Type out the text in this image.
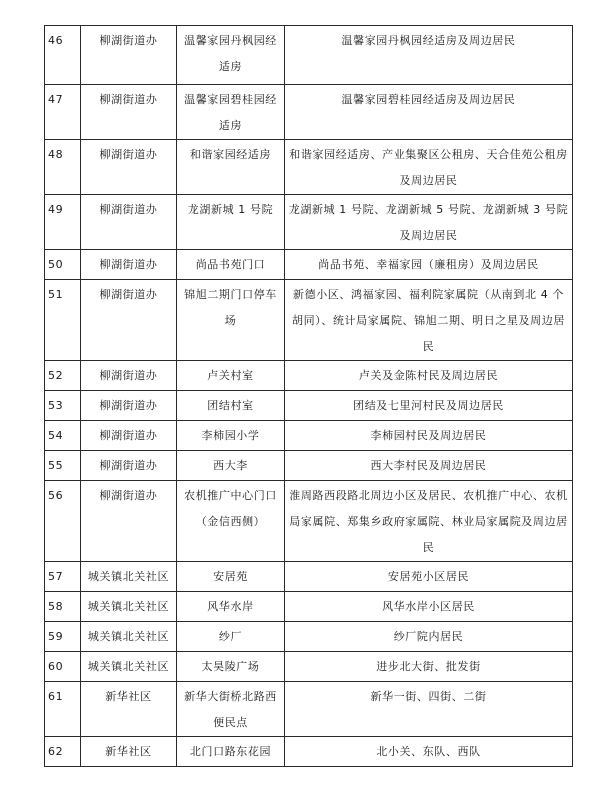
46	柳湖街道办	温馨家园丹枫园经适房	温馨家园丹枫园经适房及周边居民
47	柳湖街道办	温馨家园碧桂园经适房	温馨家园碧桂园经适房及周边居民
48	柳湖街道办	和谐家园经适房	和谐家园经适房、产业集聚区公租房、天合佳苑公租房及周边居民
49	柳湖街道办	龙湖新城 1 号院	龙湖新城 1 号院、龙湖新城 5 号院、龙湖新城 3 号院及周边居民
50	柳湖街道办	尚品书苑门口	尚品书苑、幸福家园（廉租房）及周边居民
51	柳湖街道办	锦旭二期门口停车场	新德小区、鸿福家园、福利院家属院（从南到北 4 个胡同）、统计局家属院、锦旭二期、明日之星及周边居民
52	柳湖街道办	卢关村室	卢关及金陈村民及周边居民
53	柳湖街道办	团结村室	团结及七里河村民及周边居民
54	柳湖街道办	李柿园小学	李柿园村民及周边居民
55	柳湖街道办	西大李	西大李村民及周边居民
56	柳湖街道办	农机推广中心门口（金信西侧）	淮周路西段路北周边小区及居民、农机推广中心、农机局家属院、郑集乡政府家属院、林业局家属院及周边居民
57	城关镇北关社区	安居苑	安居苑小区居民
58	城关镇北关社区	风华水岸	风华水岸小区居民
59	城关镇北关社区	纱厂	纱厂院内居民
60	城关镇北关社区	太昊陵广场	进步北大街、批发街
61	新华社区	新华大街桥北路西便民点	新华一街、四街、二街
62	新华社区	北门口路东花园	北小关、东队、西队
